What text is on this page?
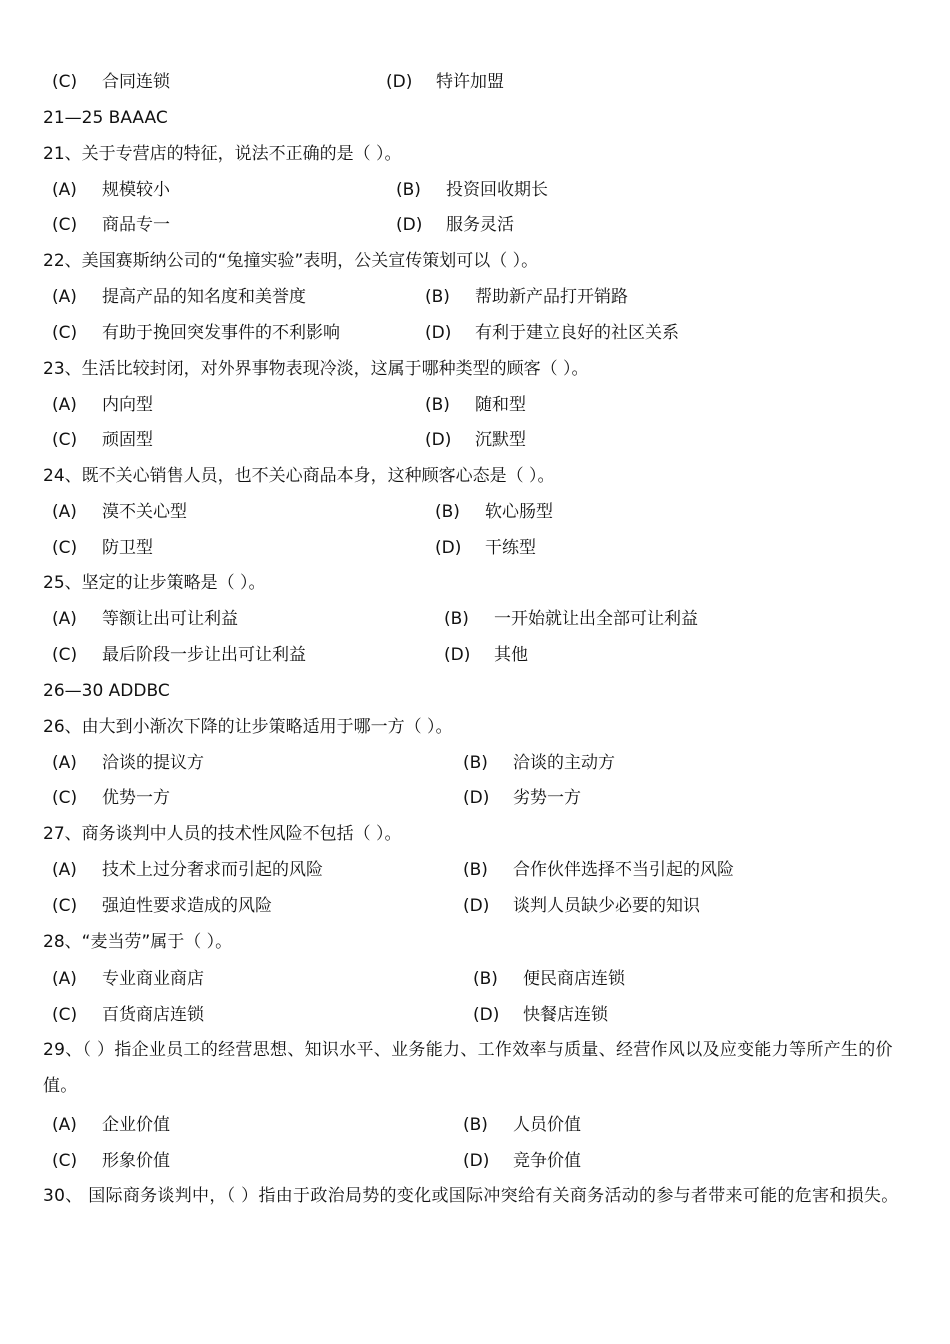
(C) 合同连锁	(D) 特许加盟
21—25 BAAAC
21、关于专营店的特征，说法不正确的是（ ）。
(A) 规模较小	(B) 投资回收期长
(C) 商品专一	(D) 服务灵活
22、美国赛斯纳公司的“兔撞实验”表明，公关宣传策划可以（ ）。
(A) 提高产品的知名度和美誉度	(B) 帮助新产品打开销路
(C) 有助于挽回突发事件的不利影响	(D) 有利于建立良好的社区关系
23、生活比较封闭，对外界事物表现冷淡，这属于哪种类型的顾客（ ）。
(A) 内向型	(B) 随和型
(C) 顽固型	(D) 沉默型
24、既不关心销售人员，也不关心商品本身，这种顾客心态是（ ）。
(A) 漠不关心型	(B) 软心肠型
(C) 防卫型	(D) 干练型
25、坚定的让步策略是（ ）。
(A) 等额让出可让利益	(B) 一开始就让出全部可让利益
(C) 最后阶段一步让出可让利益	(D) 其他
26—30 ADDBC
26、由大到小渐次下降的让步策略适用于哪一方（ ）。
(A) 洽谈的提议方	(B) 洽谈的主动方
(C) 优势一方	(D) 劣势一方
27、商务谈判中人员的技术性风险不包括（ ）。
(A) 技术上过分奢求而引起的风险	(B) 合作伙伴选择不当引起的风险
(C) 强迫性要求造成的风险	(D) 谈判人员缺少必要的知识
28、“麦当劳”属于（ ）。
(A) 专业商业商店	(B) 便民商店连锁
(C) 百货商店连锁	(D) 快餐店连锁
29、（ ）指企业员工的经营思想、知识水平、业务能力、工作效率与质量、经营作风以及应变能力等所产生的价值。
(A) 企业价值	(B) 人员价值
(C) 形象价值	(D) 竞争价值
30、 国际商务谈判中，（ ）指由于政治局势的变化或国际冲突给有关商务活动的参与者带来可能的危害和损失。
